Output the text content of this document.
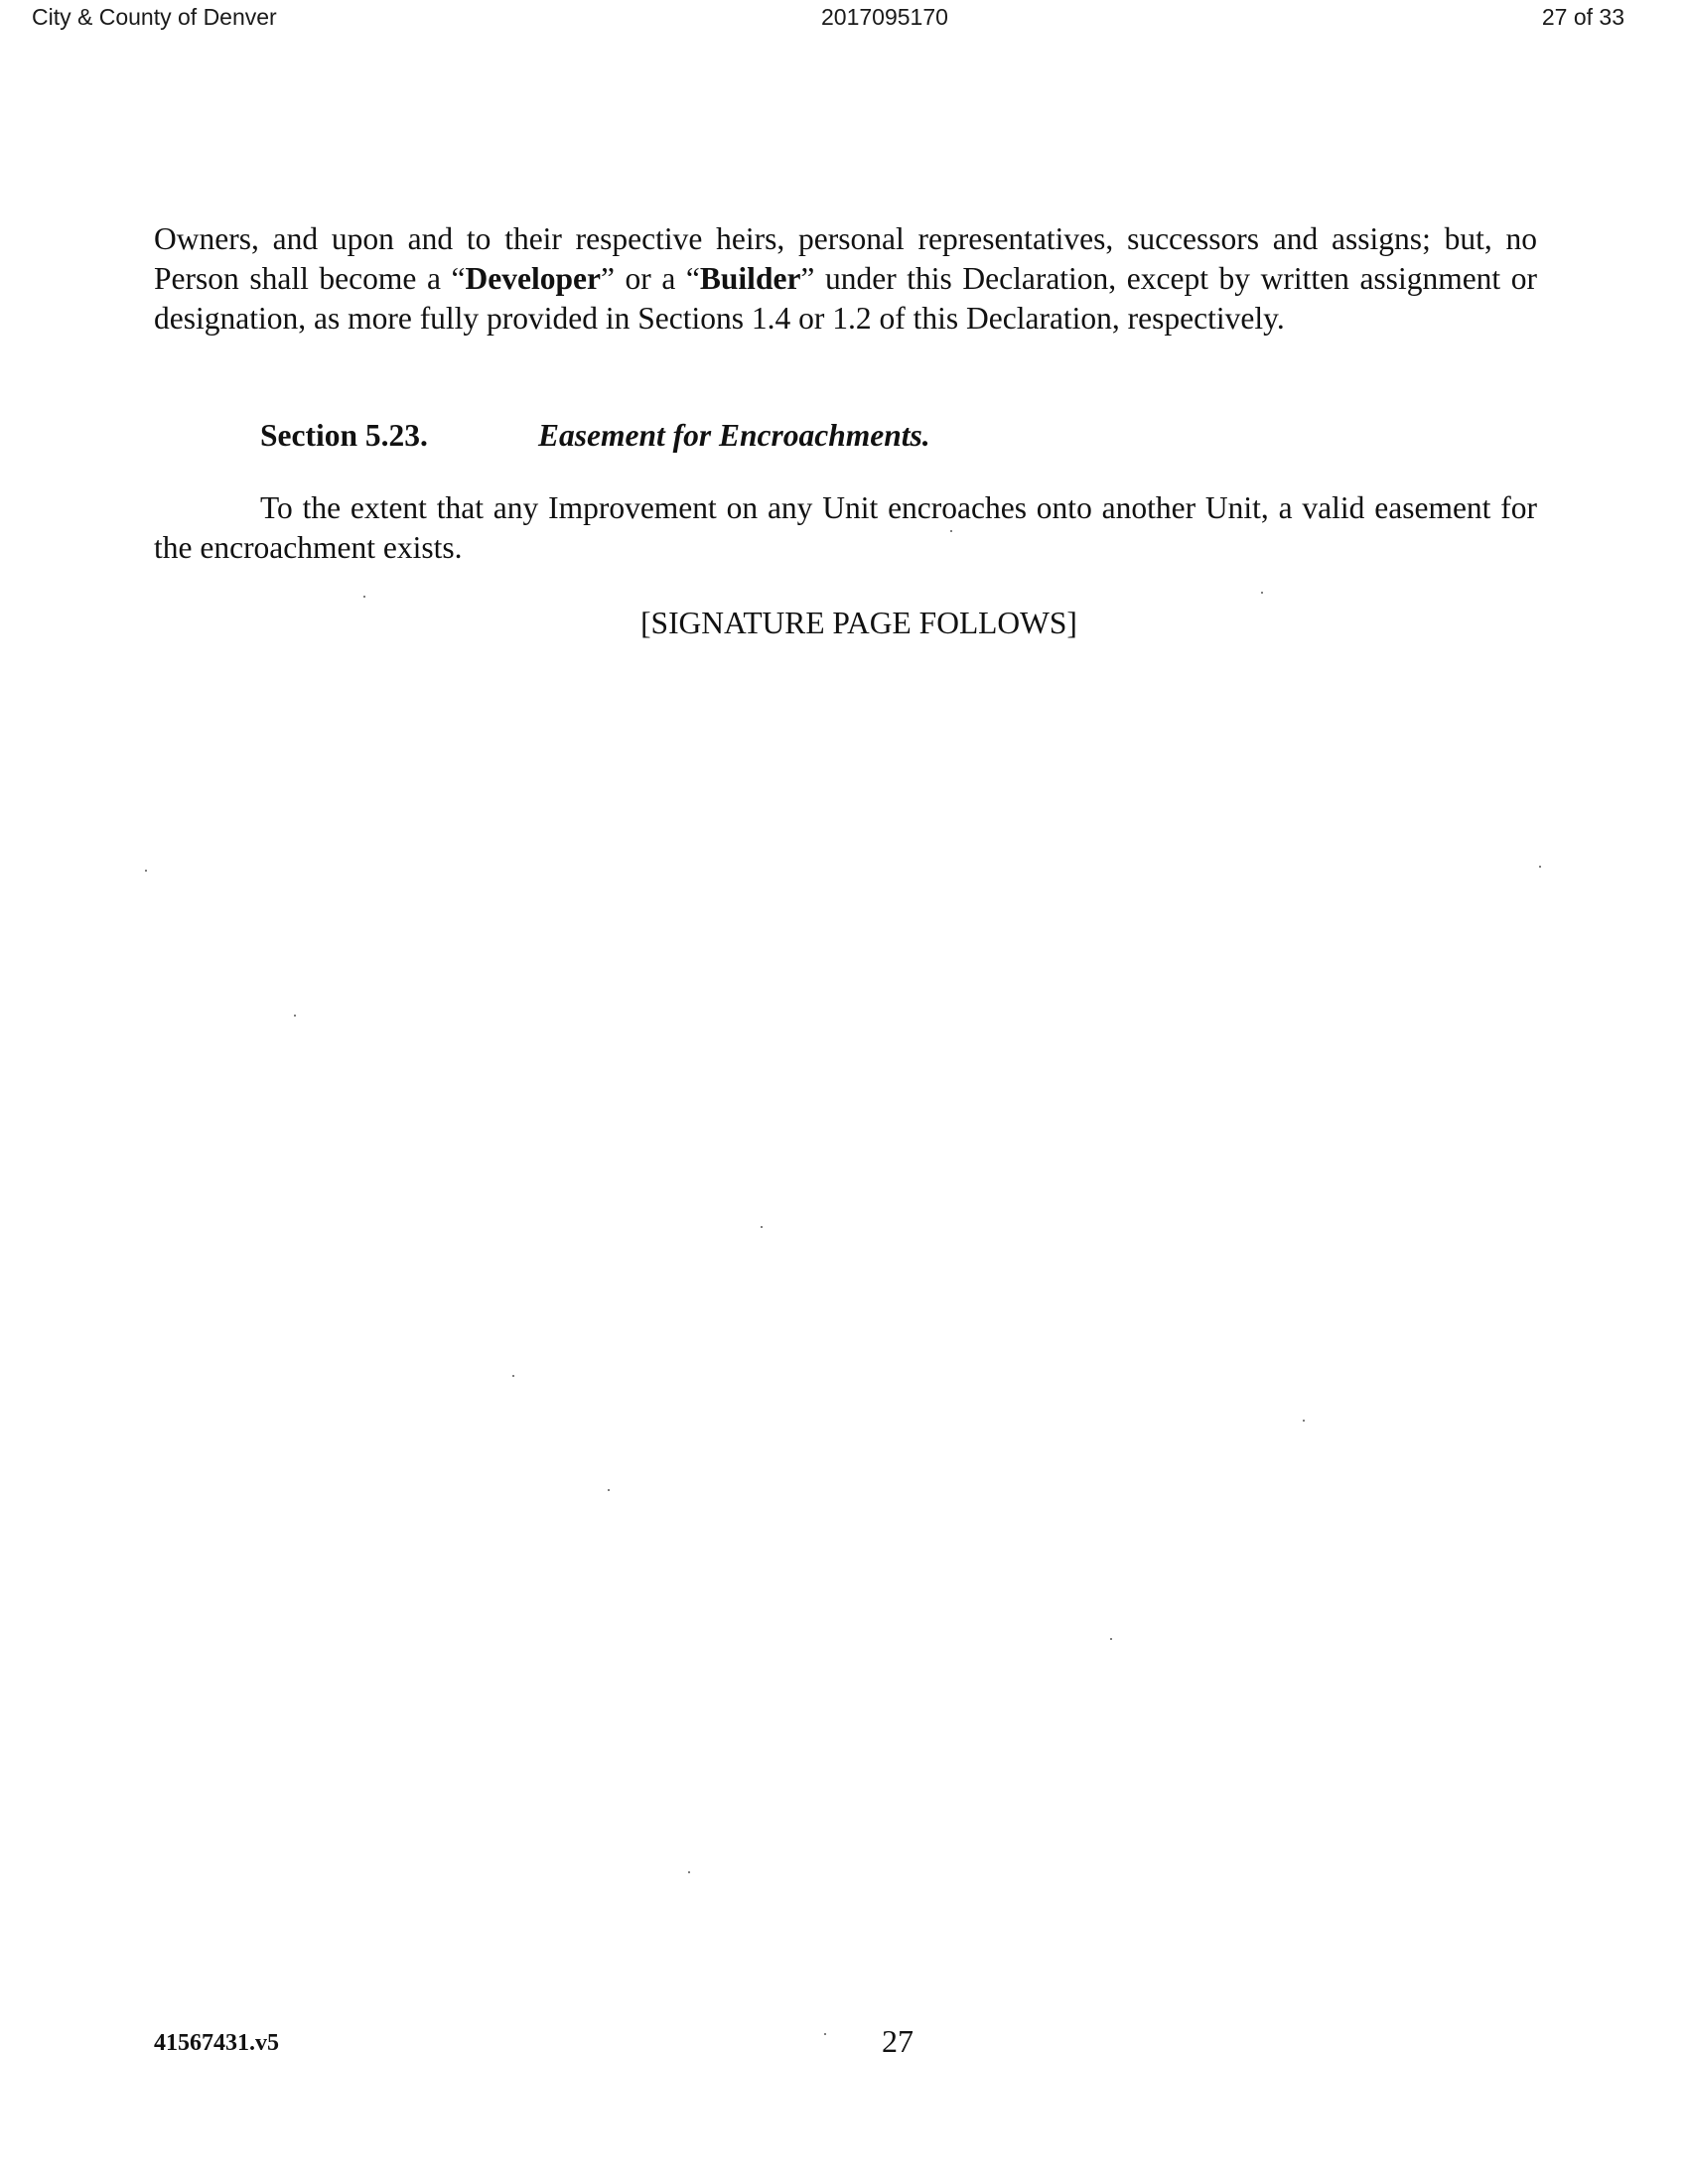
City & County of Denver	2017095170	27 of 33
Owners, and upon and to their respective heirs, personal representatives, successors and assigns; but, no Person shall become a “Developer” or a “Builder” under this Declaration, except by written assignment or designation, as more fully provided in Sections 1.4 or 1.2 of this Declaration, respectively.
Section 5.23.	Easement for Encroachments.
To the extent that any Improvement on any Unit encroaches onto another Unit, a valid easement for the encroachment exists.
[SIGNATURE PAGE FOLLOWS]
41567431.v5	27
